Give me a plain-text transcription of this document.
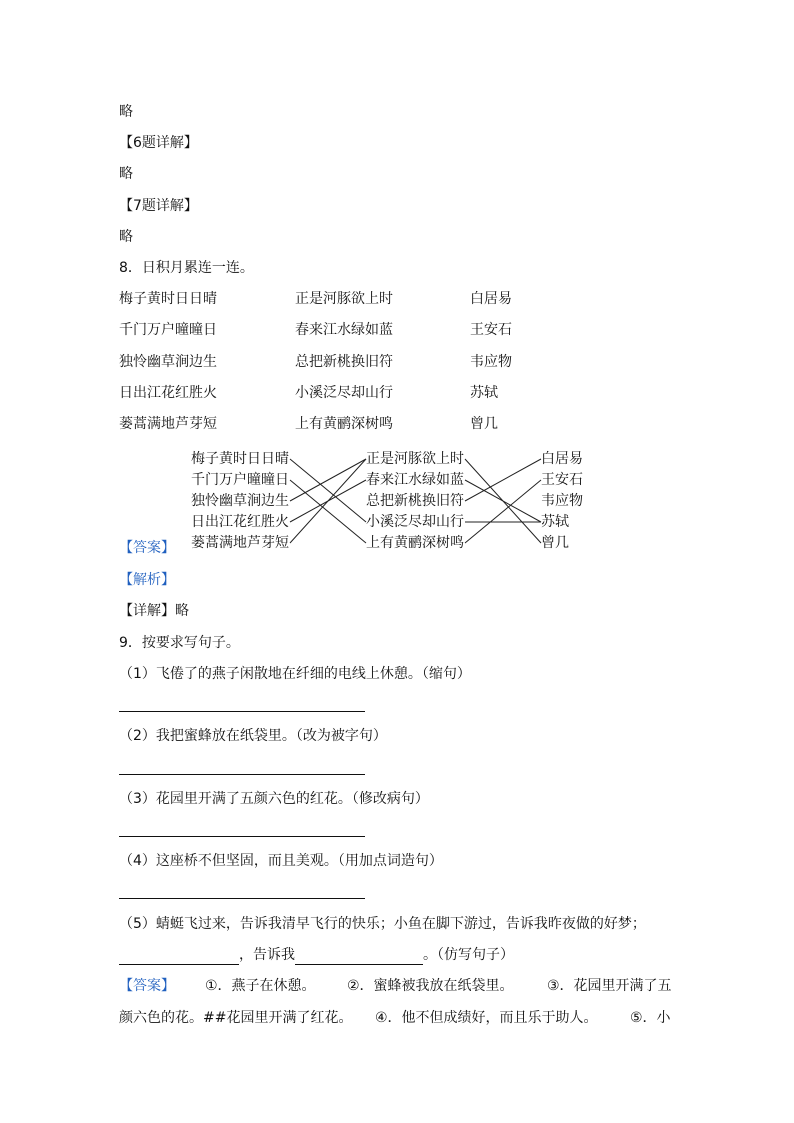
略
【6题详解】
略
【7题详解】
略
8．日积月累连一连。
梅子黄时日日晴
千门万户曈曈日
独怜幽草涧边生
日出江花红胜火
蒌蒿满地芦芽短
正是河豚欲上时
春来江水绿如蓝
总把新桃换旧符
小溪泛尽却山行
上有黄鹂深树鸣
白居易
王安石
韦应物
苏轼
曾几
梅子黄时日日晴
千门万户曈曈日
独怜幽草涧边生
日出江花红胜火
蒌蒿满地芦芽短
正是河豚欲上时
春来江水绿如蓝
总把新桃换旧符
小溪泛尽却山行
上有黄鹂深树鸣
白居易
王安石
韦应物
苏轼
曾几
【答案】
【解析】
【详解】略
9．按要求写句子。
（1）飞倦了的燕子闲散地在纤细的电线上休憩。（缩句）
（2）我把蜜蜂放在纸袋里。（改为被字句）
（3）花园里开满了五颜六色的红花。（修改病句）
（4）这座桥不但坚固，而且美观。（用加点词造句）
（5）蜻蜓飞过来，告诉我清早飞行的快乐；小鱼在脚下游过，告诉我昨夜做的好梦；
，告诉我	。（仿写句子）
【答案】 ①．燕子在休憩。 ②．蜜蜂被我放在纸袋里。 ③．花园里开满了五
颜六色的花。##花园里开满了红花。 ④．他不但成绩好，而且乐于助人。 ⑤．小
